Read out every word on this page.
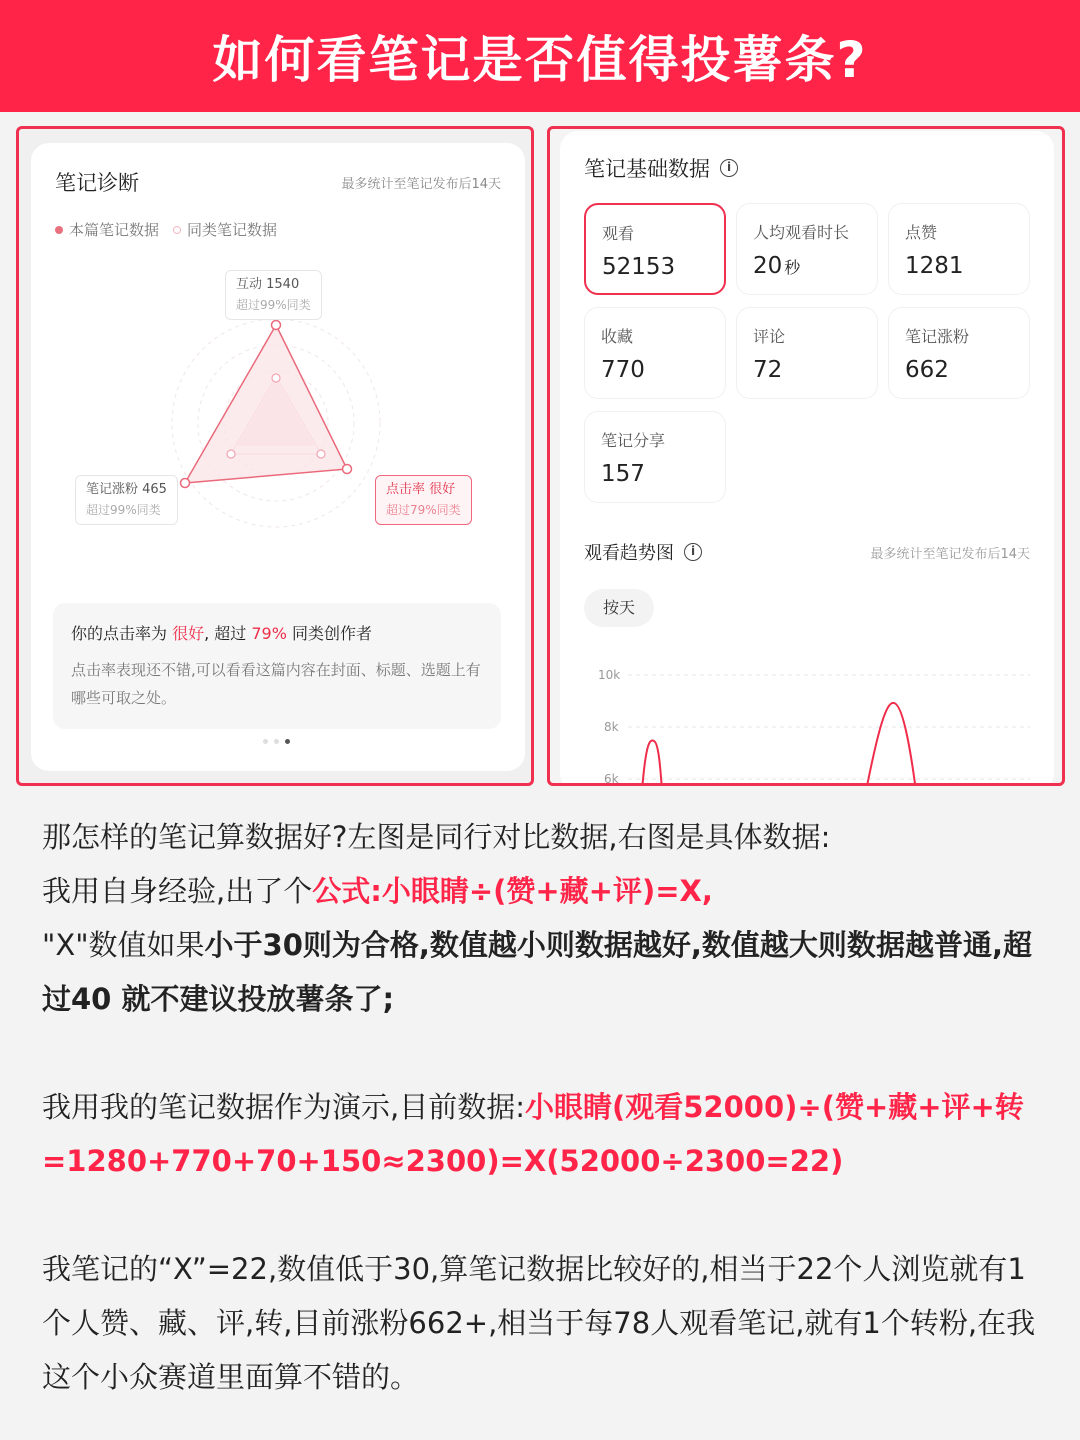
如何看笔记是否值得投薯条?
笔记诊断	最多统计至笔记发布后14天
本篇笔记数据 同类笔记数据
互动 1540
超过99%同类
点击率 很好
超过79%同类
笔记涨粉 465
超过99%同类
你的点击率为 很好, 超过 79% 同类创作者
点击率表现还不错,可以看看这篇内容在封面、标题、选题上有哪些可取之处。
笔记基础数据	i
观看
52153
人均观看时长
20 秒
点赞
1281
收藏
770
评论
72
笔记涨粉
662
笔记分享
157
观看趋势图	i	最多统计至笔记发布后14天
按天
10k
8k
6k
那怎样的笔记算数据好?左图是同行对比数据,右图是具体数据:
我用自身经验,出了个公式:小眼睛÷(赞+藏+评)=X,
"X"数值如果小于30则为合格,数值越小则数据越好,数值越大则数据越普通,超过40 就不建议投放薯条了;
我用我的笔记数据作为演示,目前数据:小眼睛(观看52000)÷(赞+藏+评+转=1280+770+70+150≈2300)=X(52000÷2300=22)
我笔记的“X”=22,数值低于30,算笔记数据比较好的,相当于22个人浏览就有1个人赞、藏、评,转,目前涨粉662+,相当于每78人观看笔记,就有1个转粉,在我这个小众赛道里面算不错的。
